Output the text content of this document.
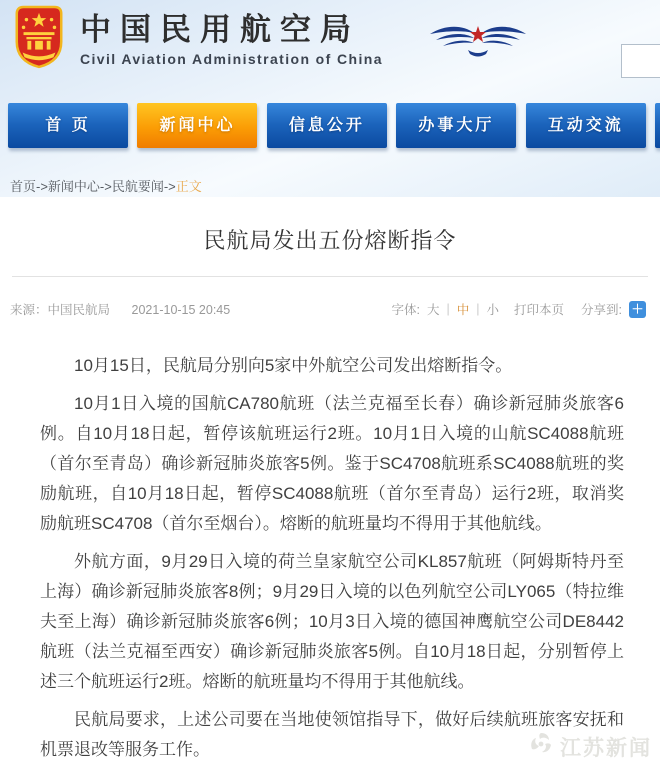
中国民用航空局
Civil Aviation Administration of China
首 页	新闻中心	信息公开	办事大厅	互动交流
首页->新闻中心->民航要闻->正文
民航局发出五份熔断指令
来源：中国民航局 2021-10-15 20:45	字体: 大 | 中 | 小 打印本页 分享到: ＋

10月15日，民航局分别向5家中外航空公司发出熔断指令。

10月1日入境的国航CA780航班（法兰克福至长春）确诊新冠肺炎旅客6例。自10月18日起，暂停该航班运行2班。10月1日入境的山航SC4088航班（首尔至青岛）确诊新冠肺炎旅客5例。鉴于SC4708航班系SC4088航班的奖励航班，自10月18日起，暂停SC4088航班（首尔至青岛）运行2班，取消奖励航班SC4708（首尔至烟台）。熔断的航班量均不得用于其他航线。

外航方面，9月29日入境的荷兰皇家航空公司KL857航班（阿姆斯特丹至上海）确诊新冠肺炎旅客8例；9月29日入境的以色列航空公司LY065（特拉维夫至上海）确诊新冠肺炎旅客6例；10月3日入境的德国神鹰航空公司DE8442航班（法兰克福至西安）确诊新冠肺炎旅客5例。自10月18日起，分别暂停上述三个航班运行2班。熔断的航班量均不得用于其他航线。

民航局要求，上述公司要在当地使领馆指导下，做好后续航班旅客安抚和机票退改等服务工作。	江苏新闻
